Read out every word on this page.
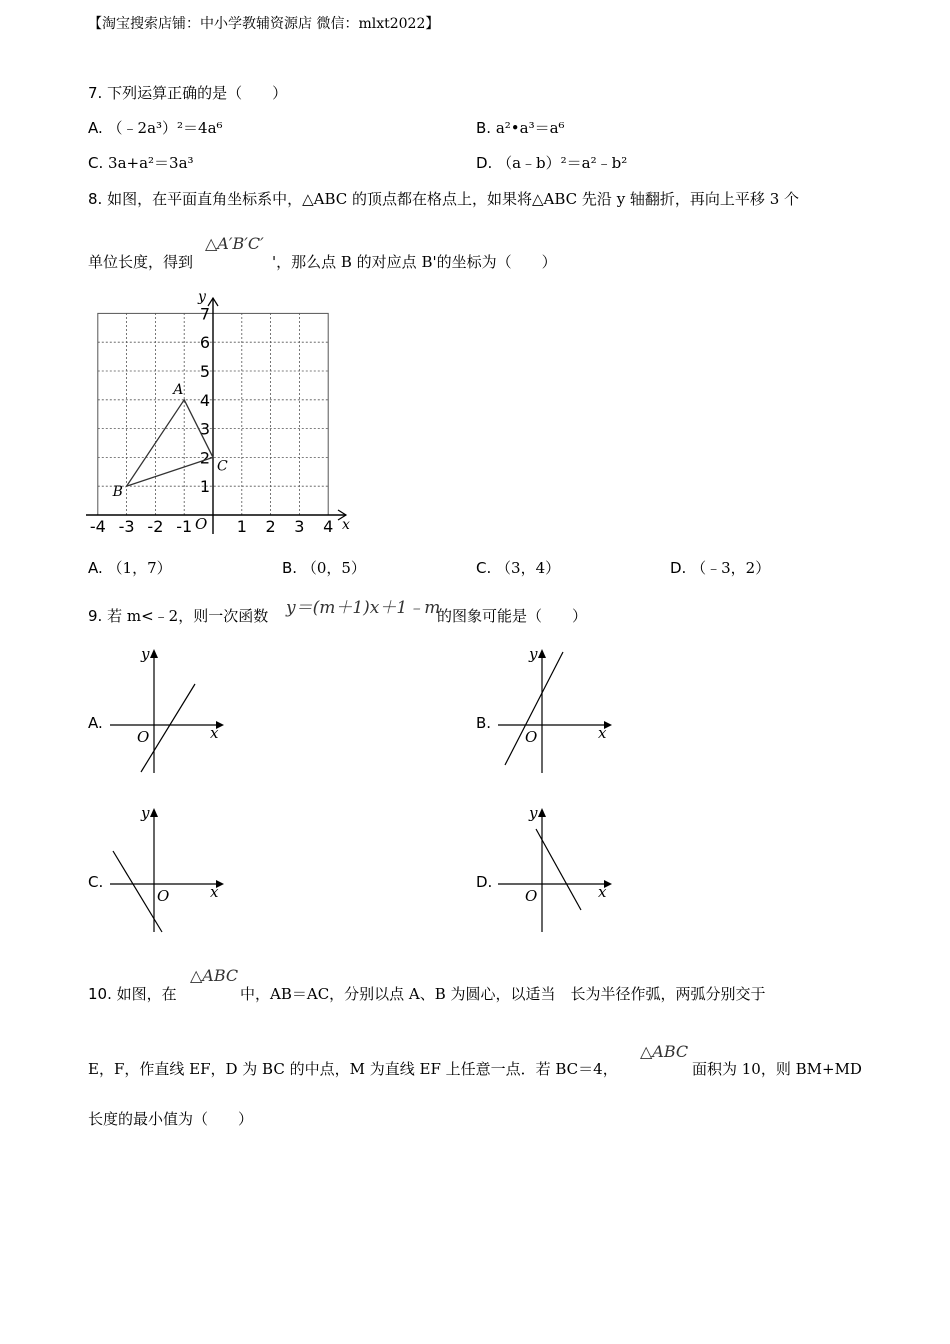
【淘宝搜索店铺：中小学教辅资源店 微信：mlxt2022】
7. 下列运算正确的是（　　）
A. （﹣2a³）²＝4a⁶	B. a²•a³＝a⁶
C. 3a+a²＝3a³	D. （a﹣b）²＝a²﹣b²
8. 如图，在平面直角坐标系中，△ABC 的顶点都在格点上，如果将△ABC 先沿 y 轴翻折，再向上平移 3 个
单位长度，得到
△A′B′C′
'，那么点 B 的对应点 B'的坐标为（　　）
x
y
O
-4 -3 -2 -1	1 2 3 4
1
2
3
4
5
6
7
A
B
C
A. （1，7）	B. （0，5）	C. （3，4）	D. （﹣3，2）
9. 若 m<﹣2，则一次函数 y＝(m＋1)x＋1﹣m
的图象可能是（　　）
A.	B.
C.	D.
x
y
O	x
y
O
x
y
O	x
y
O
10. 如图，在
△ABC
中，AB＝AC，分别以点 A、B 为圆心，以适当　长为半径作弧，两弧分别交于
E，F，作直线 EF，D 为 BC 的中点，M 为直线 EF 上任意一点．若 BC＝4，
△ABC
面积为 10，则 BM+MD
长度的最小值为（　　）
